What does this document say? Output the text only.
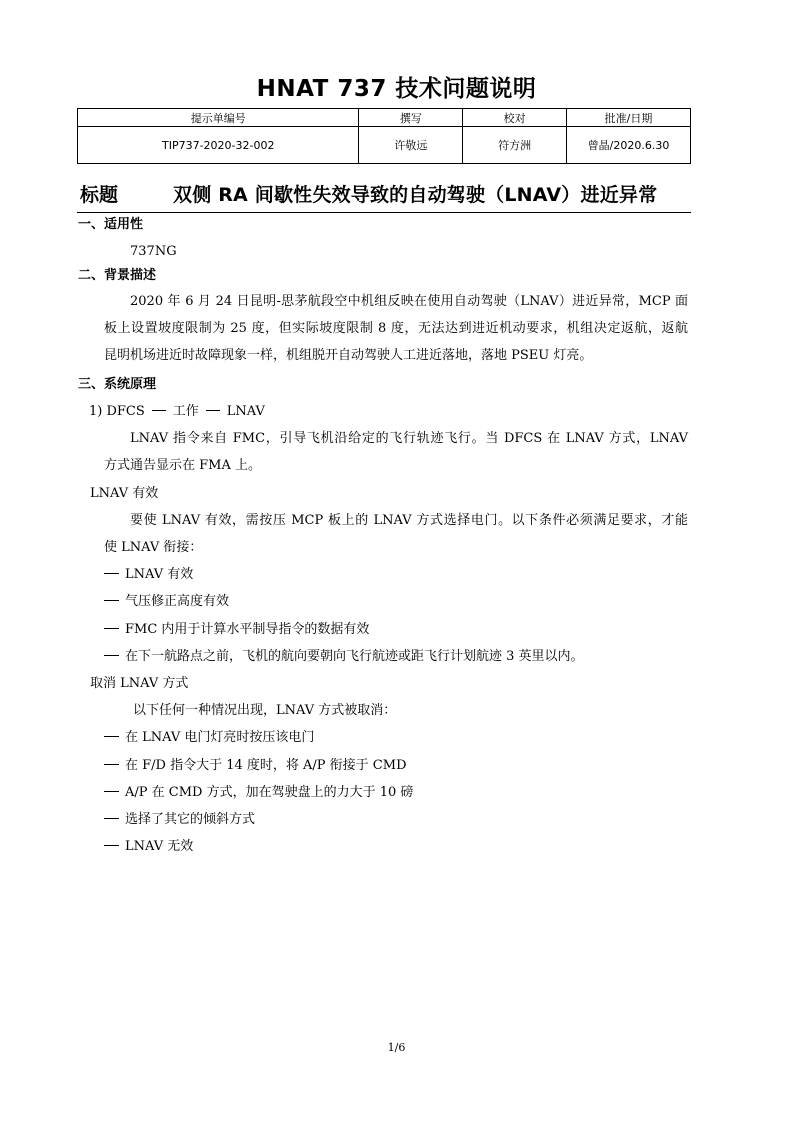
HNAT 737 技术问题说明
提示单编号	撰写	校对	批准/日期
TIP737-2020-32-002	许敬远	符方洲	曾晶/2020.6.30
标题	双侧 RA 间歇性失效导致的自动驾驶（LNAV）进近异常
一、适用性
737NG
二、背景描述
2020 年 6 月 24 日昆明-思茅航段空中机组反映在使用自动驾驶（LNAV）进近异常，MCP 面
板上设置坡度限制为 25 度，但实际坡度限制 8 度，无法达到进近机动要求，机组决定返航，返航
昆明机场进近时故障现象一样，机组脱开自动驾驶人工进近落地，落地 PSEU 灯亮。
三、系统原理
1) DFCS 工作 LNAV
LNAV 指令来自 FMC，引导飞机沿给定的飞行轨迹飞行。当 DFCS 在 LNAV 方式，LNAV
方式通告显示在 FMA 上。
LNAV 有效
要使 LNAV 有效，需按压 MCP 板上的 LNAV 方式选择电门。以下条件必须满足要求，才能
使 LNAV 衔接：
LNAV 有效
气压修正高度有效
FMC 内用于计算水平制导指令的数据有效
在下一航路点之前，飞机的航向要朝向飞行航迹或距飞行计划航迹 3 英里以内。
取消 LNAV 方式
以下任何一种情况出现，LNAV 方式被取消：
在 LNAV 电门灯亮时按压该电门
在 F/D 指令大于 14 度时，将 A/P 衔接于 CMD
A/P 在 CMD 方式，加在驾驶盘上的力大于 10 磅
选择了其它的倾斜方式
LNAV 无效
1/6
